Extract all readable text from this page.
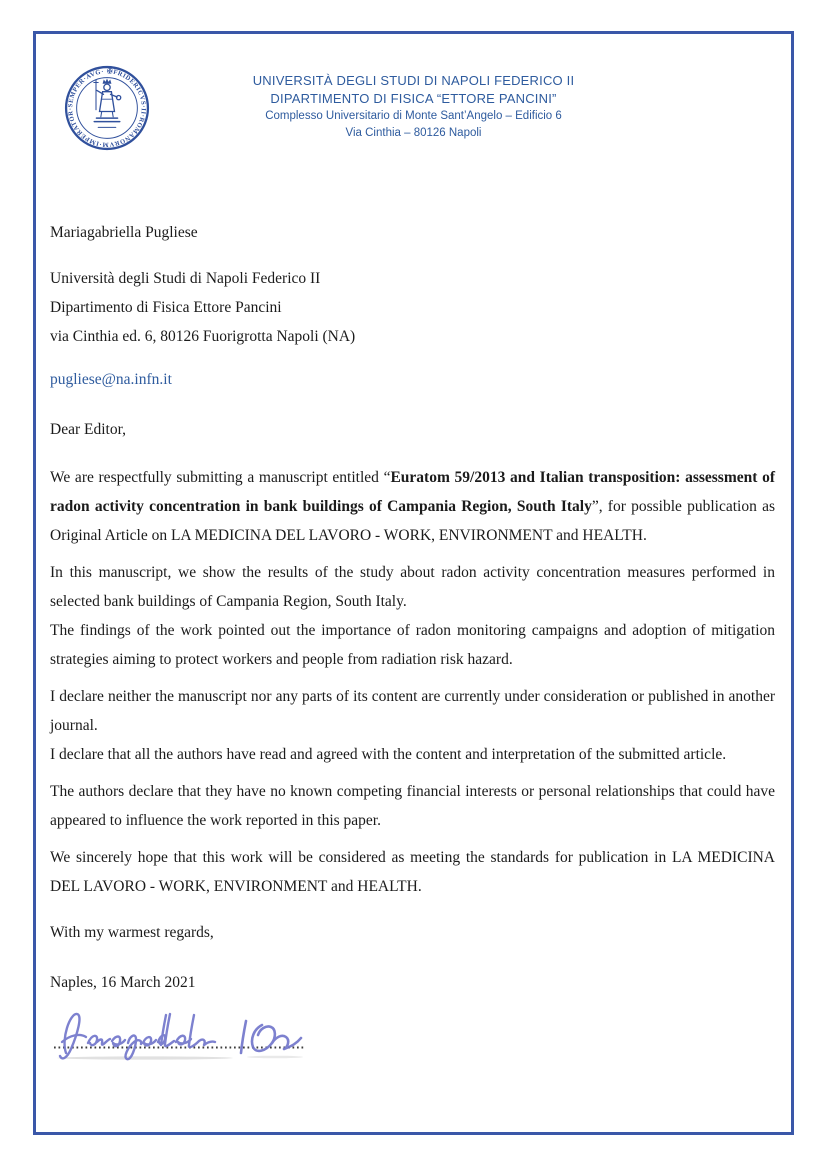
✠FRIDERICVS·II·ROMANORVM·IMPERATOR·SEMPER·AVG·
UNIVERSITÀ DEGLI STUDI DI NAPOLI FEDERICO II
DIPARTIMENTO DI FISICA “ETTORE PANCINI”
Complesso Universitario di Monte Sant’Angelo – Edificio 6
Via Cinthia – 80126 Napoli

Mariagabriella Pugliese

Università degli Studi di Napoli Federico II

Dipartimento di Fisica Ettore Pancini

via Cinthia ed. 6, 80126 Fuorigrotta Napoli (NA)

pugliese@na.infn.it

Dear Editor,

We are respectfully submitting a manuscript entitled “Euratom 59/2013 and Italian transposition: assessment of radon activity concentration in bank buildings of Campania Region, South Italy”, for possible publication as Original Article on LA MEDICINA DEL LAVORO - WORK, ENVIRONMENT and HEALTH.

In this manuscript, we show the results of the study about radon activity concentration measures performed in selected bank buildings of Campania Region, South Italy.

The findings of the work pointed out the importance of radon monitoring campaigns and adoption of mitigation strategies aiming to protect workers and people from radiation risk hazard.

I declare neither the manuscript nor any parts of its content are currently under consideration or published in another journal.

I declare that all the authors have read and agreed with the content and interpretation of the submitted article.

The authors declare that they have no known competing financial interests or personal relationships that could have appeared to influence the work reported in this paper.

We sincerely hope that this work will be considered as meeting the standards for publication in LA MEDICINA DEL LAVORO - WORK, ENVIRONMENT and HEALTH.

With my warmest regards,

Naples, 16 March 2021
